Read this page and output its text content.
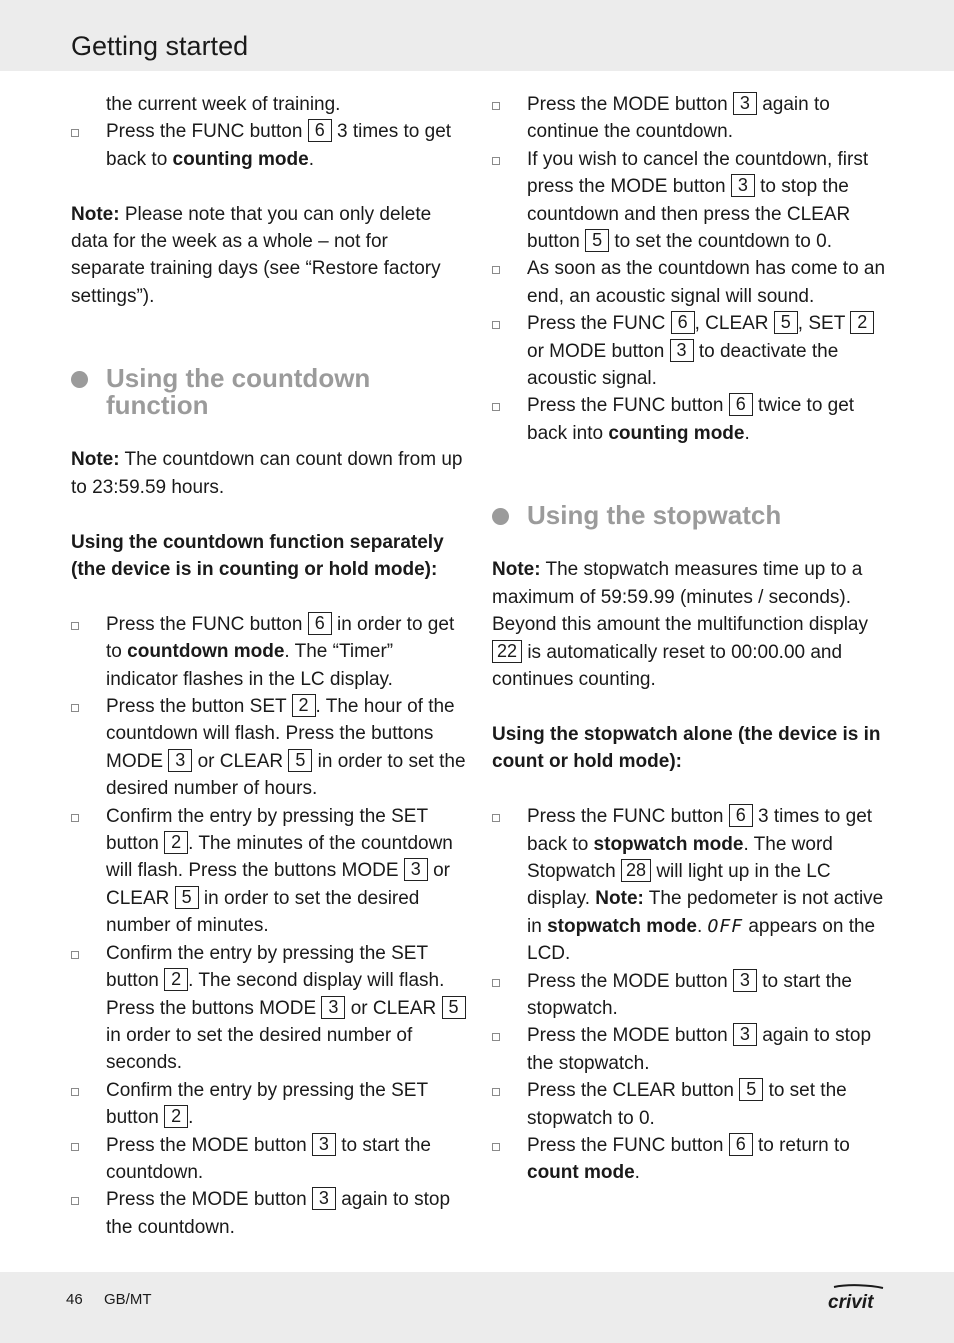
Getting started
the current week of training.
Press the FUNC button 6 3 times to get back to counting mode.

Note: Please note that you can only delete data for the week as a whole – not for separate training days (see “Restore factory settings”).

Using the countdown function

Note: The countdown can count down from up to 23:59.59 hours.

Using the countdown function separately (the device is in counting or hold mode):

Press the FUNC button 6 in order to get to countdown mode. The “Timer” indicator flashes in the LC display.
Press the button SET 2 . The hour of the countdown will flash. Press the buttons MODE 3 or CLEAR 5 in order to set the desired number of hours.
Confirm the entry by pressing the SET button 2 . The minutes of the countdown will flash. Press the buttons MODE 3 or CLEAR 5 in order to set the desired number of minutes.
Confirm the entry by pressing the SET button 2 . The second display will flash. Press the buttons MODE 3 or CLEAR 5 in order to set the desired number of seconds.
Confirm the entry by pressing the SET button 2 .
Press the MODE button 3 to start the countdown.
Press the MODE button 3 again to stop the countdown.
Press the MODE button 3 again to continue the countdown.
If you wish to cancel the countdown, first press the MODE button 3 to stop the countdown and then press the CLEAR button 5 to set the countdown to 0.
As soon as the countdown has come to an end, an acoustic signal will sound.
Press the FUNC 6 , CLEAR 5 , SET 2 or MODE button 3 to deactivate the acoustic signal.
Press the FUNC button 6 twice to get back into counting mode.
Using the stopwatch

Note: The stopwatch measures time up to a maximum of 59:59.99 (minutes / seconds). Beyond this amount the multifunction display 22 is automatically reset to 00:00.00 and continues counting.

Using the stopwatch alone (the device is in count or hold mode):

Press the FUNC button 6 3 times to get back to stopwatch mode. The word Stopwatch 28 will light up in the LC display. Note: The pedometer is not active in stopwatch mode. OFF appears on the LCD.
Press the MODE button 3 to start the stopwatch.
Press the MODE button 3 again to stop the stopwatch.
Press the CLEAR button 5 to set the stopwatch to 0.
Press the FUNC button 6 to return to count mode.
46 GB/MT	crivit
